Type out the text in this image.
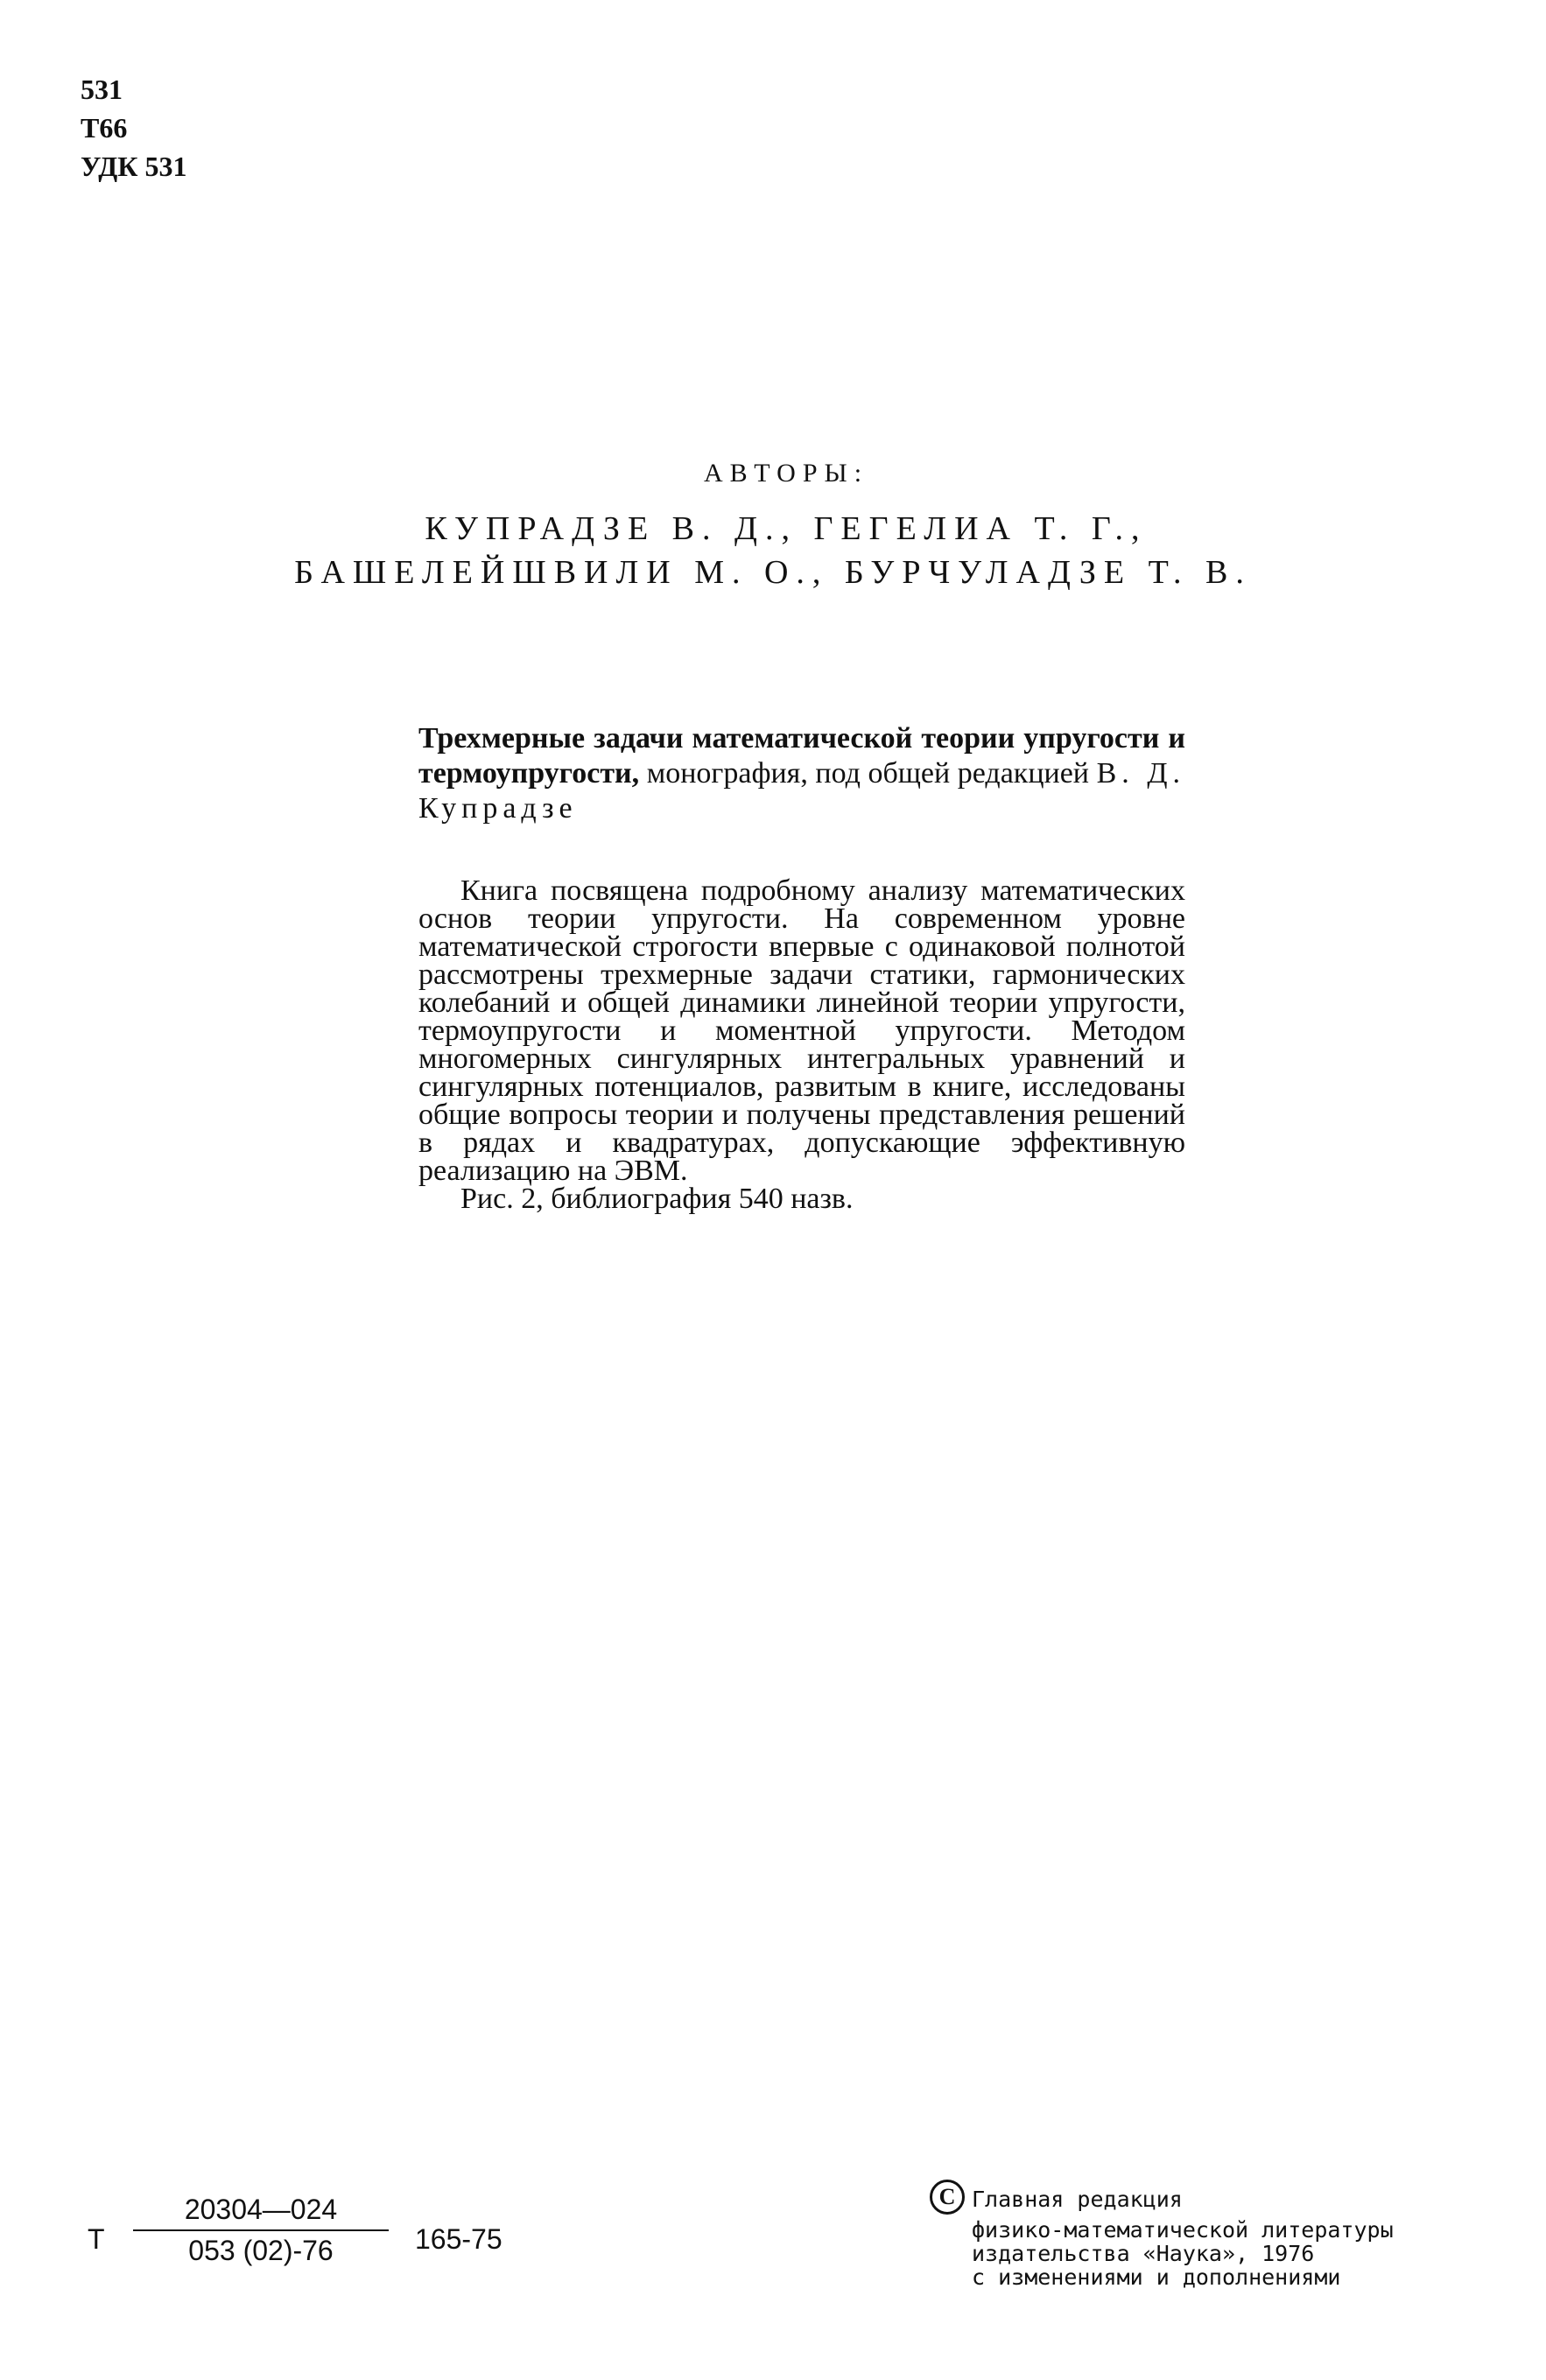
531
Т66
УДК 531
АВТОРЫ:
КУПРАДЗЕ В. Д., ГЕГЕЛИА Т. Г.,
БАШЕЛЕЙШВИЛИ М. О., БУРЧУЛАДЗЕ Т. В.
Трехмерные задачи математической теории упругости и термоупругости, монография, под общей редакцией В. Д. Купрадзе

Книга посвящена подробному анализу математических основ теории упругости. На современном уровне математической строгости впервые с одинаковой полнотой рассмотрены трехмерные задачи статики, гармонических колебаний и общей динамики линейной теории упругости, термоупругости и моментной упругости. Методом многомерных сингулярных интегральных уравнений и сингулярных потенциалов, развитым в книге, исследованы общие вопросы теории и получены представления решений в рядах и квадратурах, допускающие эффективную реализацию на ЭВМ.

Рис. 2, библиография 540 назв.

Т
20304—024
053 (02)-76	165-75
C Главная редакция
физико-математической литературы
издательства «Наука», 1976
с изменениями и дополнениями
